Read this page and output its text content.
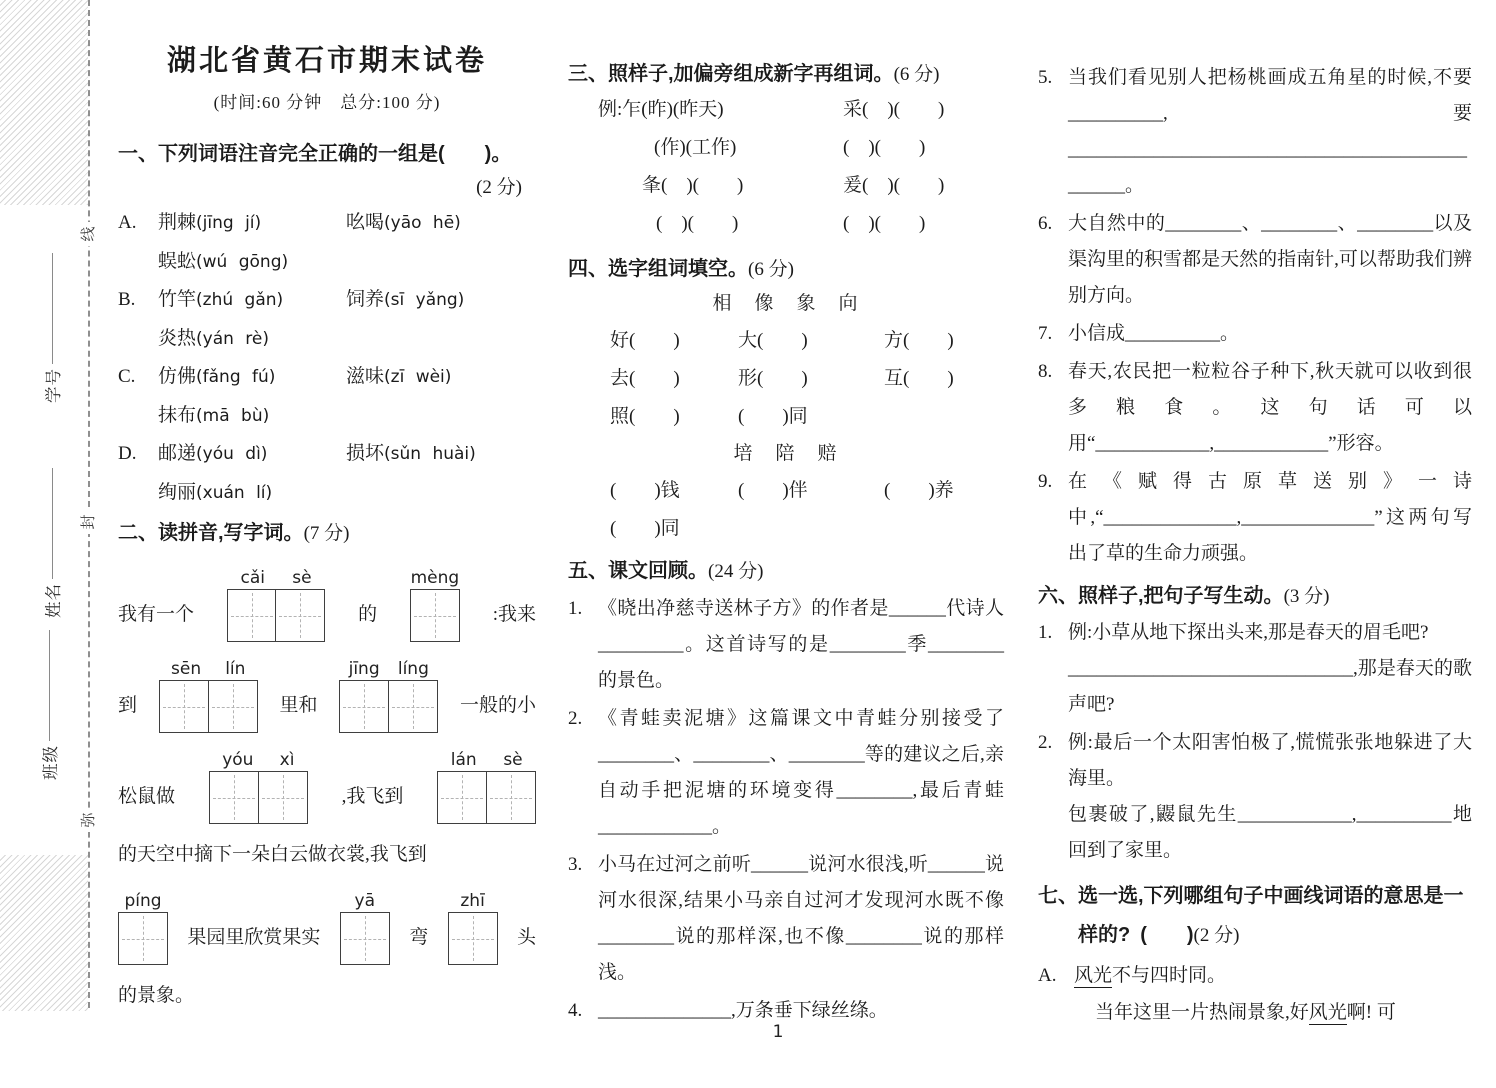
线
封
弥
学号
姓名
班级
湖北省黄石市期末试卷
(时间:60 分钟 总分:100 分)
一、下列词语注音完全正确的一组是(　　)。
(2 分)
A.	荆棘(jīng jí)	吆喝(yāo hē)
蜈蚣(wú gōng)
B.	竹竿(zhú gǎn)	饲养(sī yǎng)
炎热(yán rè)
C.	仿佛(fǎng fú)	滋味(zī wèi)
抹布(mā bù)
D.	邮递(yóu dì)	损坏(sǔn huài)
绚丽(xuán lí)
二、读拼音,写字词。(7 分)
我有一个
cǎi sè
的
mèng
:我来
到
sēn lín
里和
jīng líng
一般的小
松鼠做
yóu xì
,我飞到
lán sè
的天空中摘下一朵白云做衣裳,我飞到
píng
果园里欣赏果实
yā
弯
zhī
头
的景象。
三、照样子,加偏旁组成新字再组词。(6 分)
例:乍(昨)(昨天)	采(　)(　　)
(作)(工作)	(　)(　　)
夆(　)(　　)	爰(　)(　　)
(　)(　　)	(　)(　　)
四、选字组词填空。(6 分)
相　像　象　向
好(　　)	大(　　)	方(　　)
去(　　)	形(　　)	互(　　)
照(　　)	(　　)同
培　陪　赔
(　　)钱	(　　)伴	(　　)养
(　　)同
五、课文回顾。(24 分)
1. 《晓出净慈寺送林子方》的作者是______代诗人_________。这首诗写的是________季________的景色。
2. 《青蛙卖泥塘》这篇课文中青蛙分别接受了________、________、________等的建议之后,亲自动手把泥塘的环境变得________,最后青蛙____________。
3. 小马在过河之前听______说河水很浅,听______说河水很深,结果小马亲自过河才发现河水既不像________说的那样深,也不像________说的那样浅。
4. ______________,万条垂下绿丝绦。
5. 当我们看见别人把杨桃画成五角星的时候,不要__________,要________________________________________________。
6. 大自然中的________、________、________以及渠沟里的积雪都是天然的指南针,可以帮助我们辨别方向。
7. 小信成__________。
8. 春天,农民把一粒粒谷子种下,秋天就可以收到很多粮食。这句话可以用“____________,____________”形容。
9. 在《赋得古原草送别》一诗中,“______________,______________”这两句写出了草的生命力顽强。
六、照样子,把句子写生动。(3 分)
1. 例:小草从地下探出头来,那是春天的眉毛吧?
______________________________,那是春天的歌声吧?
2. 例:最后一个太阳害怕极了,慌慌张张地躲进了大海里。
包裹破了,鼹鼠先生____________,__________地回到了家里。
七、选一选,下列哪组句子中画线词语的意思是一样的? (　　)(2 分)
A. 风光不与四时同。
当年这里一片热闹景象,好风光啊! 可
1
